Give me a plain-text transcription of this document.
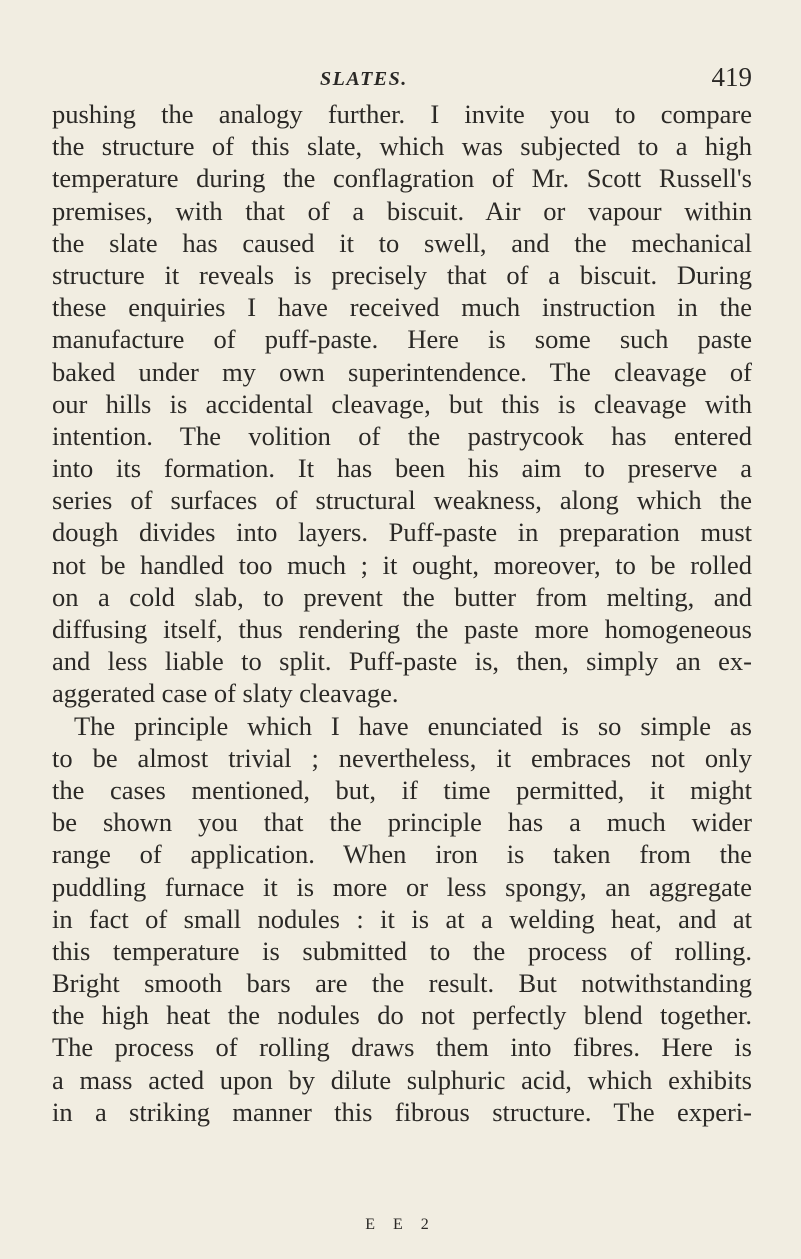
SLATES.	419
pushing the analogy further. I invite you to compare
the structure of this slate, which was subjected to a high
temperature during the conflagration of Mr. Scott Russell's
premises, with that of a biscuit. Air or vapour within
the slate has caused it to swell, and the mechanical
structure it reveals is precisely that of a biscuit. During
these enquiries I have received much instruction in the
manufacture of puff-paste. Here is some such paste
baked under my own superintendence. The cleavage of
our hills is accidental cleavage, but this is cleavage with
intention. The volition of the pastrycook has entered
into its formation. It has been his aim to preserve a
series of surfaces of structural weakness, along which the
dough divides into layers. Puff-paste in preparation must
not be handled too much ; it ought, moreover, to be rolled
on a cold slab, to prevent the butter from melting, and
diffusing itself, thus rendering the paste more homogeneous
and less liable to split. Puff-paste is, then, simply an ex-
aggerated case of slaty cleavage.
The principle which I have enunciated is so simple as
to be almost trivial ; nevertheless, it embraces not only
the cases mentioned, but, if time permitted, it might
be shown you that the principle has a much wider
range of application. When iron is taken from the
puddling furnace it is more or less spongy, an aggregate
in fact of small nodules : it is at a welding heat, and at
this temperature is submitted to the process of rolling.
Bright smooth bars are the result. But notwithstanding
the high heat the nodules do not perfectly blend together.
The process of rolling draws them into fibres. Here is
a mass acted upon by dilute sulphuric acid, which exhibits
in a striking manner this fibrous structure. The experi-
E E 2
